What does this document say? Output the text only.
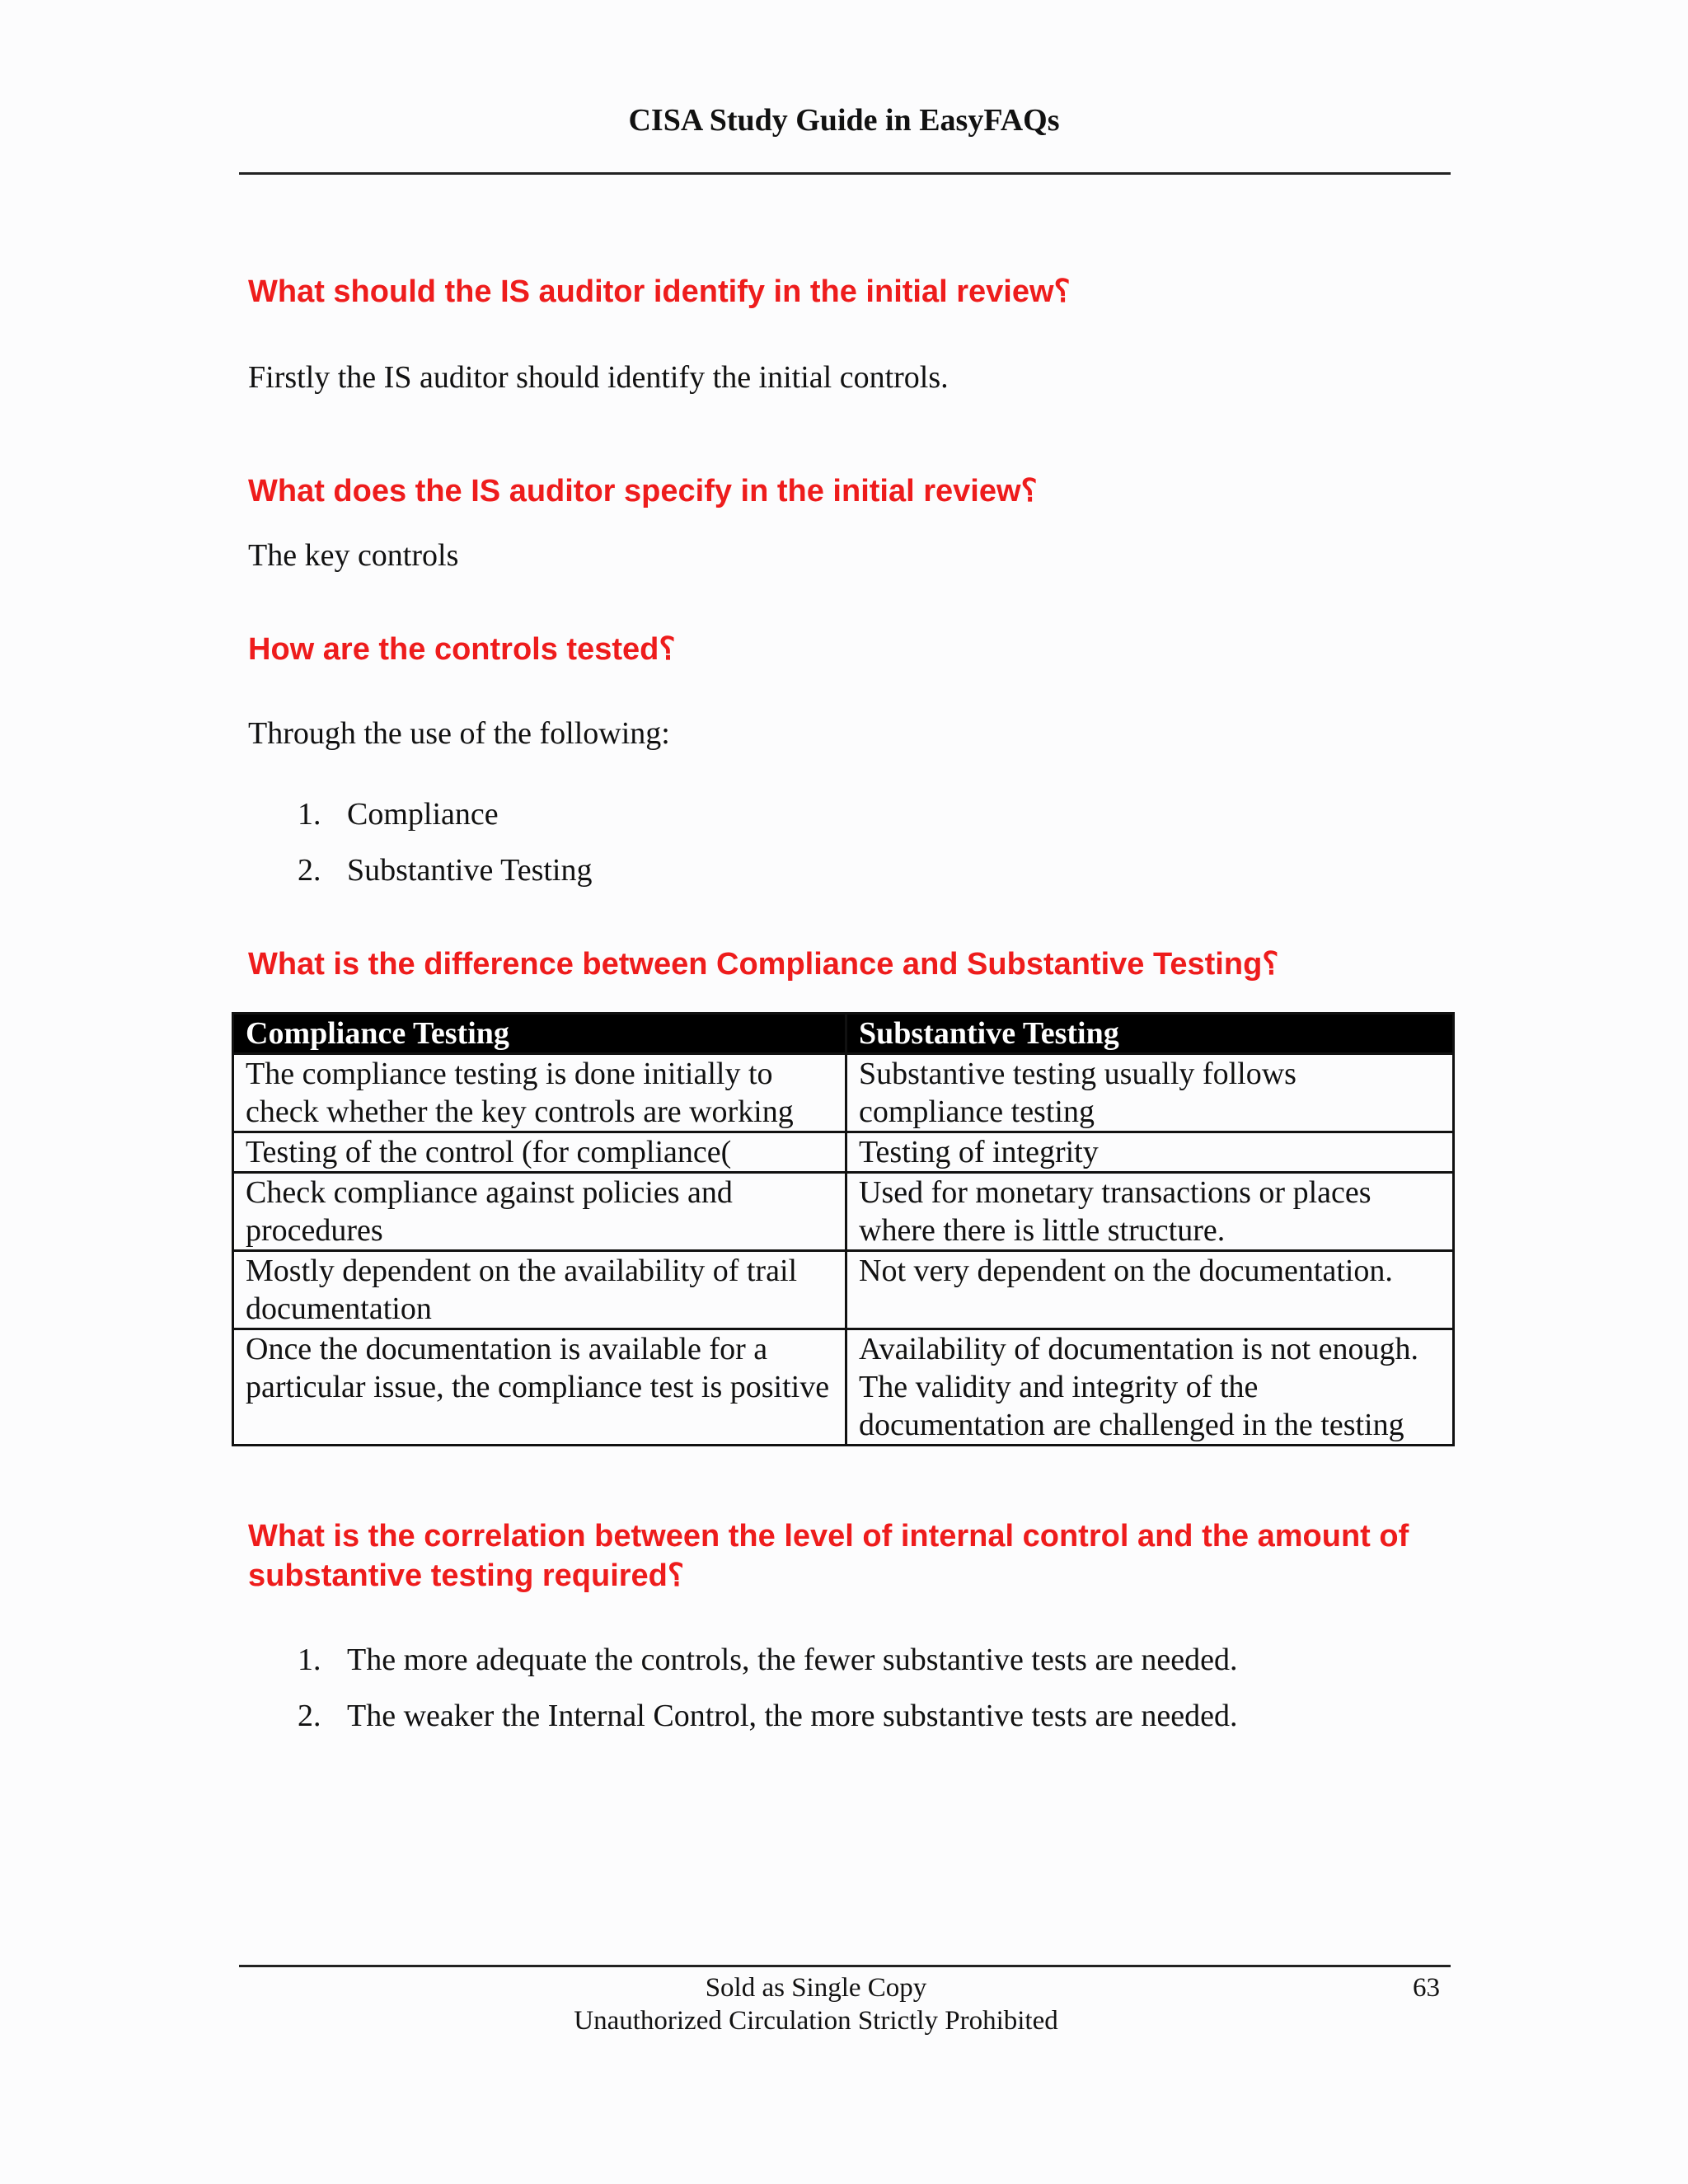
CISA Study Guide in EasyFAQs
What should the IS auditor identify in the initial review؟

Firstly the IS auditor should identify the initial controls.

What does the IS auditor specify in the initial review؟

The key controls

How are the controls tested؟

Through the use of the following:

1. Compliance
2. Substantive Testing
What is the difference between Compliance and Substantive Testing؟
Compliance Testing	Substantive Testing
The compliance testing is done initially to check whether the key controls are working	Substantive testing usually follows compliance testing
Testing of the control (for compliance(	Testing of integrity
Check compliance against policies and procedures	Used for monetary transactions or places where there is little structure.
Mostly dependent on the availability of trail documentation	Not very dependent on the documentation.
Once the documentation is available for a particular issue, the compliance test is positive	Availability of documentation is not enough. The validity and integrity of the documentation are challenged in the testing
What is the correlation between the level of internal control and the amount of substantive testing required؟
1. The more adequate the controls, the fewer substantive tests are needed.
2. The weaker the Internal Control, the more substantive tests are needed.
Sold as Single Copy
Unauthorized Circulation Strictly Prohibited
63
